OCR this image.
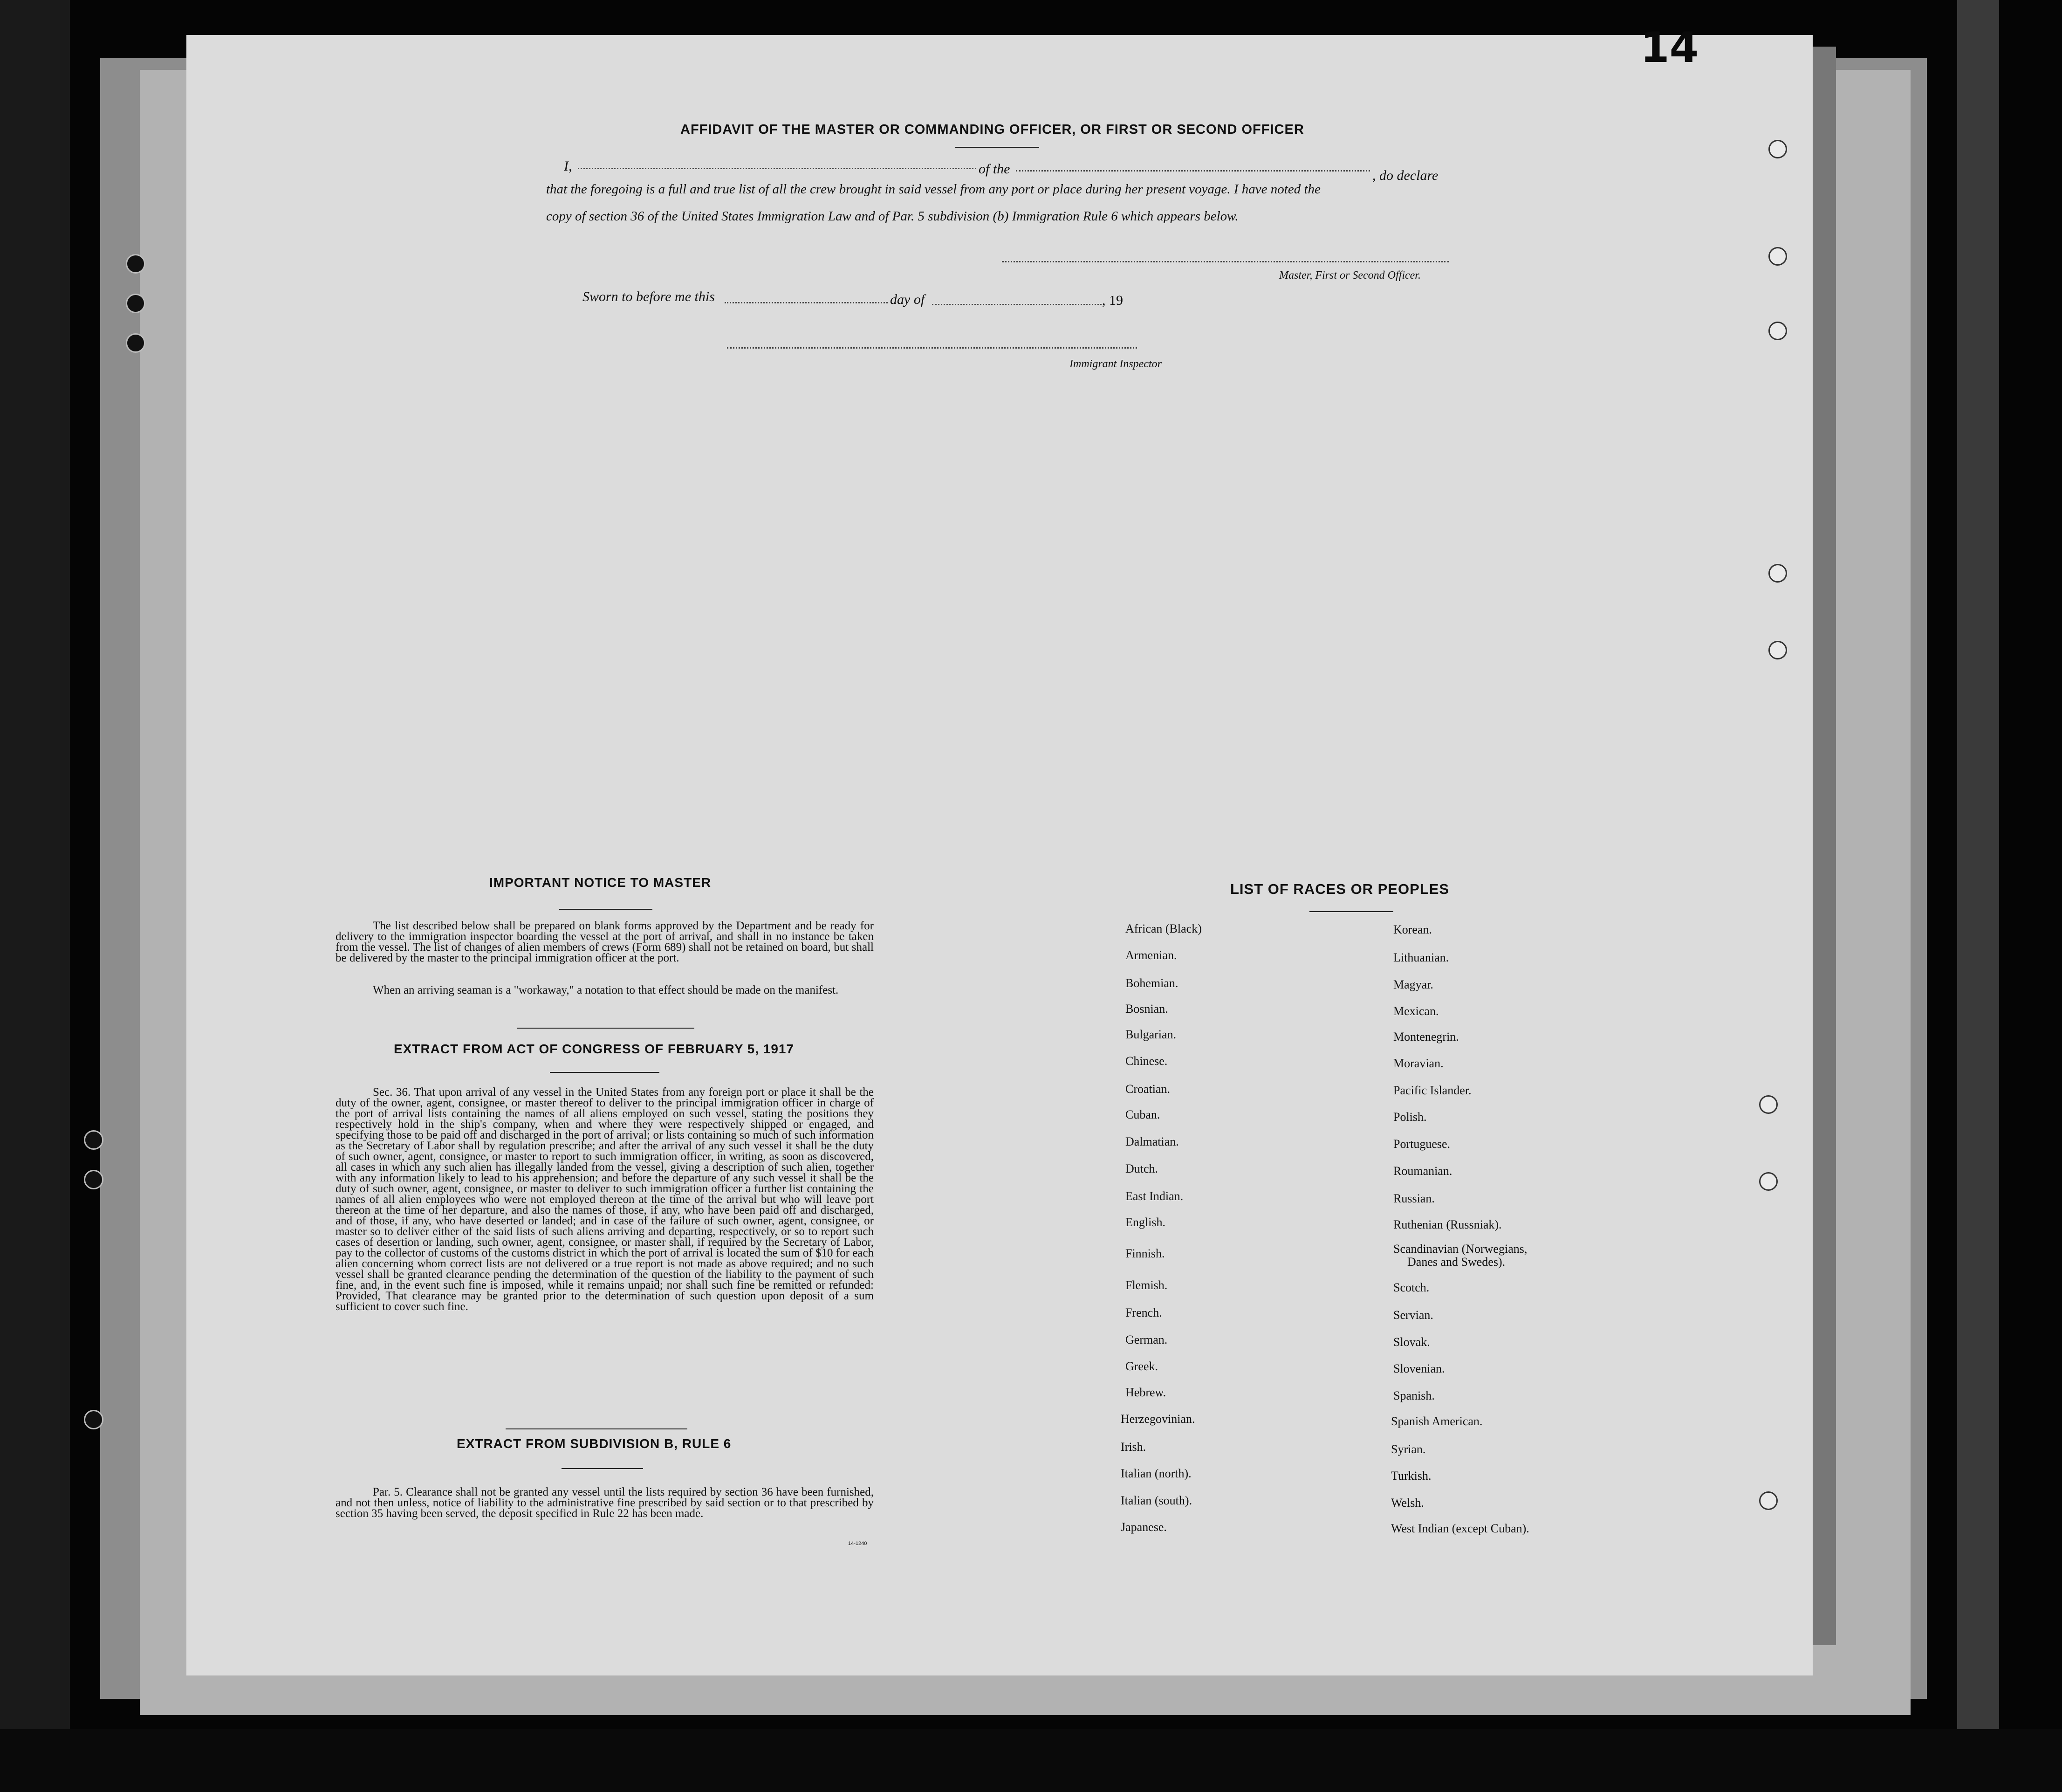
14
AFFIDAVIT OF THE MASTER OR COMMANDING OFFICER, OR FIRST OR SECOND OFFICER
I,	of the	, do declare
that the foregoing is a full and true list of all the crew brought in said vessel from any port or place during her present voyage. I have noted the
copy of section 36 of the United States Immigration Law and of Par. 5 subdivision (b) Immigration Rule 6 which appears below.
Master, First or Second Officer.
Sworn to before me this	day of	, 19
Immigrant Inspector
IMPORTANT NOTICE TO MASTER
The list described below shall be prepared on blank forms approved by the Department and be ready for delivery to the immigration inspector boarding the vessel at the port of arrival, and shall in no instance be taken from the vessel. The list of changes of alien members of crews (Form 689) shall not be retained on board, but shall be delivered by the master to the principal immigration officer at the port.
When an arriving seaman is a "workaway," a notation to that effect should be made on the manifest.
EXTRACT FROM ACT OF CONGRESS OF FEBRUARY 5, 1917
Sec. 36. That upon arrival of any vessel in the United States from any foreign port or place it shall be the duty of the owner, agent, consignee, or master thereof to deliver to the principal immigration officer in charge of the port of arrival lists containing the names of all aliens employed on such vessel, stating the positions they respectively hold in the ship's company, when and where they were respectively shipped or engaged, and specifying those to be paid off and discharged in the port of arrival; or lists containing so much of such information as the Secretary of Labor shall by regulation prescribe; and after the arrival of any such vessel it shall be the duty of such owner, agent, consignee, or master to report to such immigration officer, in writing, as soon as discovered, all cases in which any such alien has illegally landed from the vessel, giving a description of such alien, together with any information likely to lead to his apprehension; and before the departure of any such vessel it shall be the duty of such owner, agent, consignee, or master to deliver to such immigration officer a further list containing the names of all alien employees who were not employed thereon at the time of the arrival but who will leave port thereon at the time of her departure, and also the names of those, if any, who have been paid off and discharged, and of those, if any, who have deserted or landed; and in case of the failure of such owner, agent, consignee, or master so to deliver either of the said lists of such aliens arriving and departing, respectively, or so to report such cases of desertion or landing, such owner, agent, consignee, or master shall, if required by the Secretary of Labor, pay to the collector of customs of the customs district in which the port of arrival is located the sum of $10 for each alien concerning whom correct lists are not delivered or a true report is not made as above required; and no such vessel shall be granted clearance pending the determination of the question of the liability to the payment of such fine, and, in the event such fine is imposed, while it remains unpaid; nor shall such fine be remitted or refunded: Provided, That clearance may be granted prior to the determination of such question upon deposit of a sum sufficient to cover such fine.
EXTRACT FROM SUBDIVISION B, RULE 6
Par. 5. Clearance shall not be granted any vessel until the lists required by section 36 have been furnished, and not then unless, notice of liability to the administrative fine prescribed by said section or to that prescribed by section 35 having been served, the deposit specified in Rule 22 has been made.
14-1240
LIST OF RACES OR PEOPLES
African (Black)
Armenian.
Bohemian.
Bosnian.
Bulgarian.
Chinese.
Croatian.
Cuban.
Dalmatian.
Dutch.
East Indian.
English.
Finnish.
Flemish.
French.
German.
Greek.
Hebrew.
Herzegovinian.
Irish.
Italian (north).
Italian (south).
Japanese.
Korean.
Lithuanian.
Magyar.
Mexican.
Montenegrin.
Moravian.
Pacific Islander.
Polish.
Portuguese.
Roumanian.
Russian.
Ruthenian (Russniak).
Scandinavian (Norwegians,
Danes and Swedes).
Scotch.
Servian.
Slovak.
Slovenian.
Spanish.
Spanish American.
Syrian.
Turkish.
Welsh.
West Indian (except Cuban).
